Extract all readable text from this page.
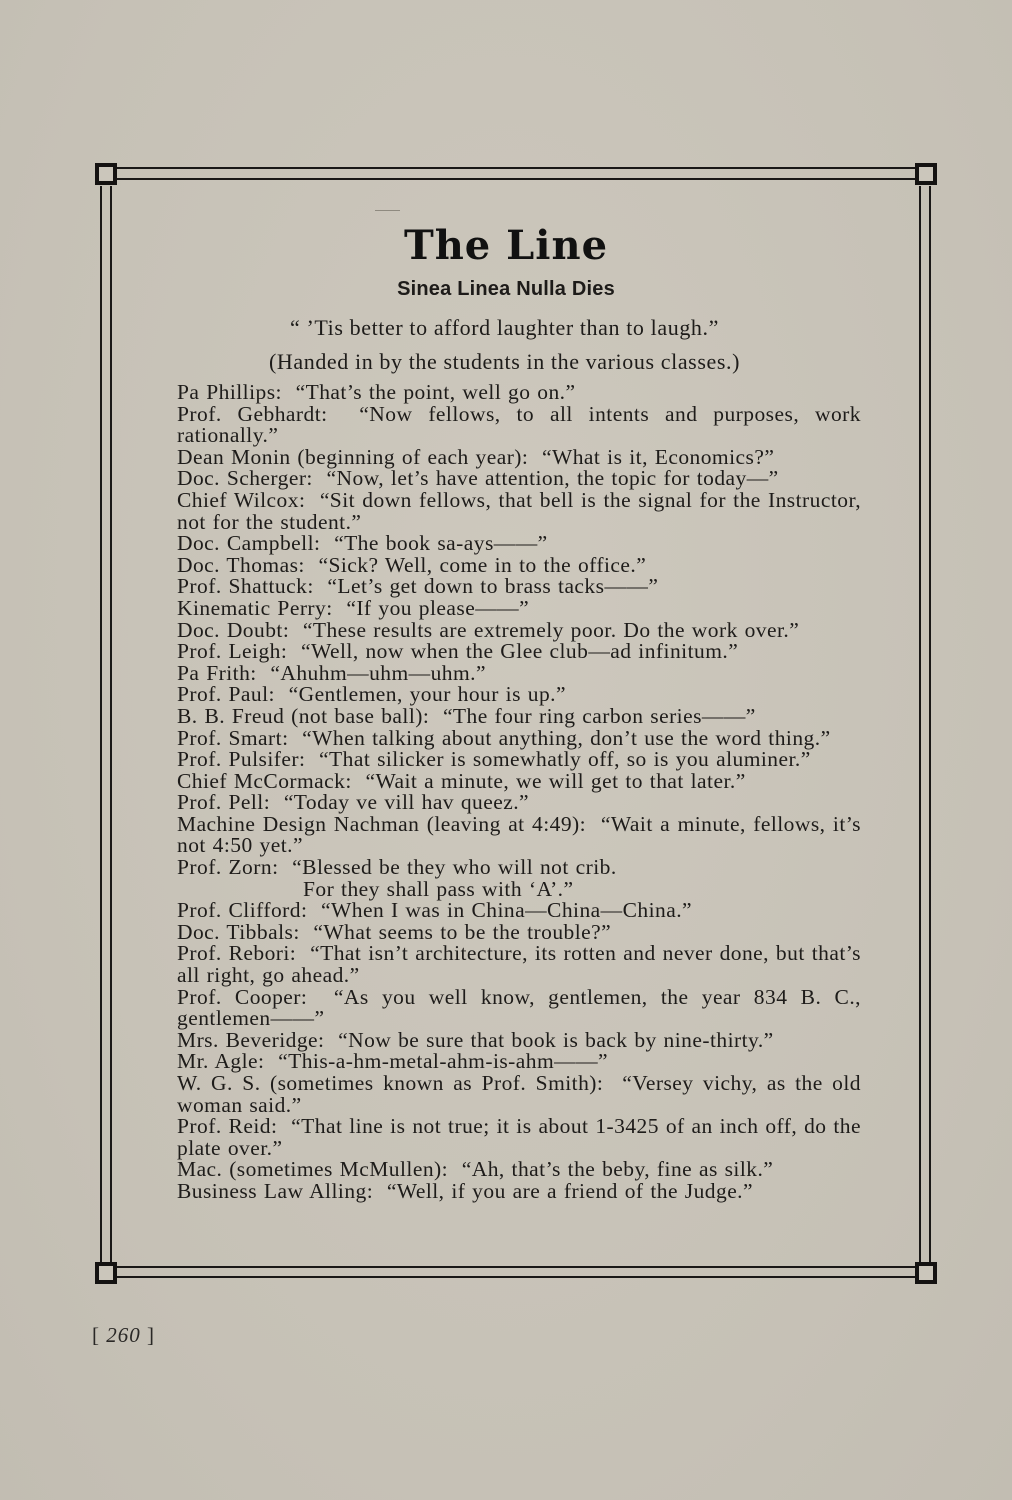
The Line
Sinea Linea Nulla Dies
“ ’Tis better to afford laughter than to laugh.”
(Handed in by the students in the various classes.)

Pa Phillips: “That’s the point, well go on.”

Prof. Gebhardt: “Now fellows, to all intents and purposes, work rationally.”

Dean Monin (beginning of each year): “What is it, Economics?”

Doc. Scherger: “Now, let’s have attention, the topic for today—”

Chief Wilcox: “Sit down fellows, that bell is the signal for the Instructor, not for the student.”

Doc. Campbell: “The book sa-ays——”

Doc. Thomas: “Sick? Well, come in to the office.”

Prof. Shattuck: “Let’s get down to brass tacks——”

Kinematic Perry: “If you please——”

Doc. Doubt: “These results are extremely poor. Do the work over.”

Prof. Leigh: “Well, now when the Glee club—ad infinitum.”

Pa Frith: “Ahuhm—uhm—uhm.”

Prof. Paul: “Gentlemen, your hour is up.”

B. B. Freud (not base ball): “The four ring carbon series——”

Prof. Smart: “When talking about anything, don’t use the word thing.”

Prof. Pulsifer: “That silicker is somewhatly off, so is you aluminer.”

Chief McCormack: “Wait a minute, we will get to that later.”

Prof. Pell: “Today ve vill hav queez.”

Machine Design Nachman (leaving at 4:49): “Wait a minute, fellows, it’s not 4:50 yet.”

Prof. Zorn: “Blessed be they who will not crib.
For they shall pass with ‘A’.”

Prof. Clifford: “When I was in China—China—China.”

Doc. Tibbals: “What seems to be the trouble?”

Prof. Rebori: “That isn’t architecture, its rotten and never done, but that’s all right, go ahead.”

Prof. Cooper: “As you well know, gentlemen, the year 834 B. C., gentlemen——”

Mrs. Beveridge: “Now be sure that book is back by nine-thirty.”

Mr. Agle: “This-a-hm-metal-ahm-is-ahm——”

W. G. S. (sometimes known as Prof. Smith): “Versey vichy, as the old woman said.”

Prof. Reid: “That line is not true; it is about 1-3425 of an inch off, do the plate over.”

Mac. (sometimes McMullen): “Ah, that’s the beby, fine as silk.”

Business Law Alling: “Well, if you are a friend of the Judge.”

[ 260 ]
